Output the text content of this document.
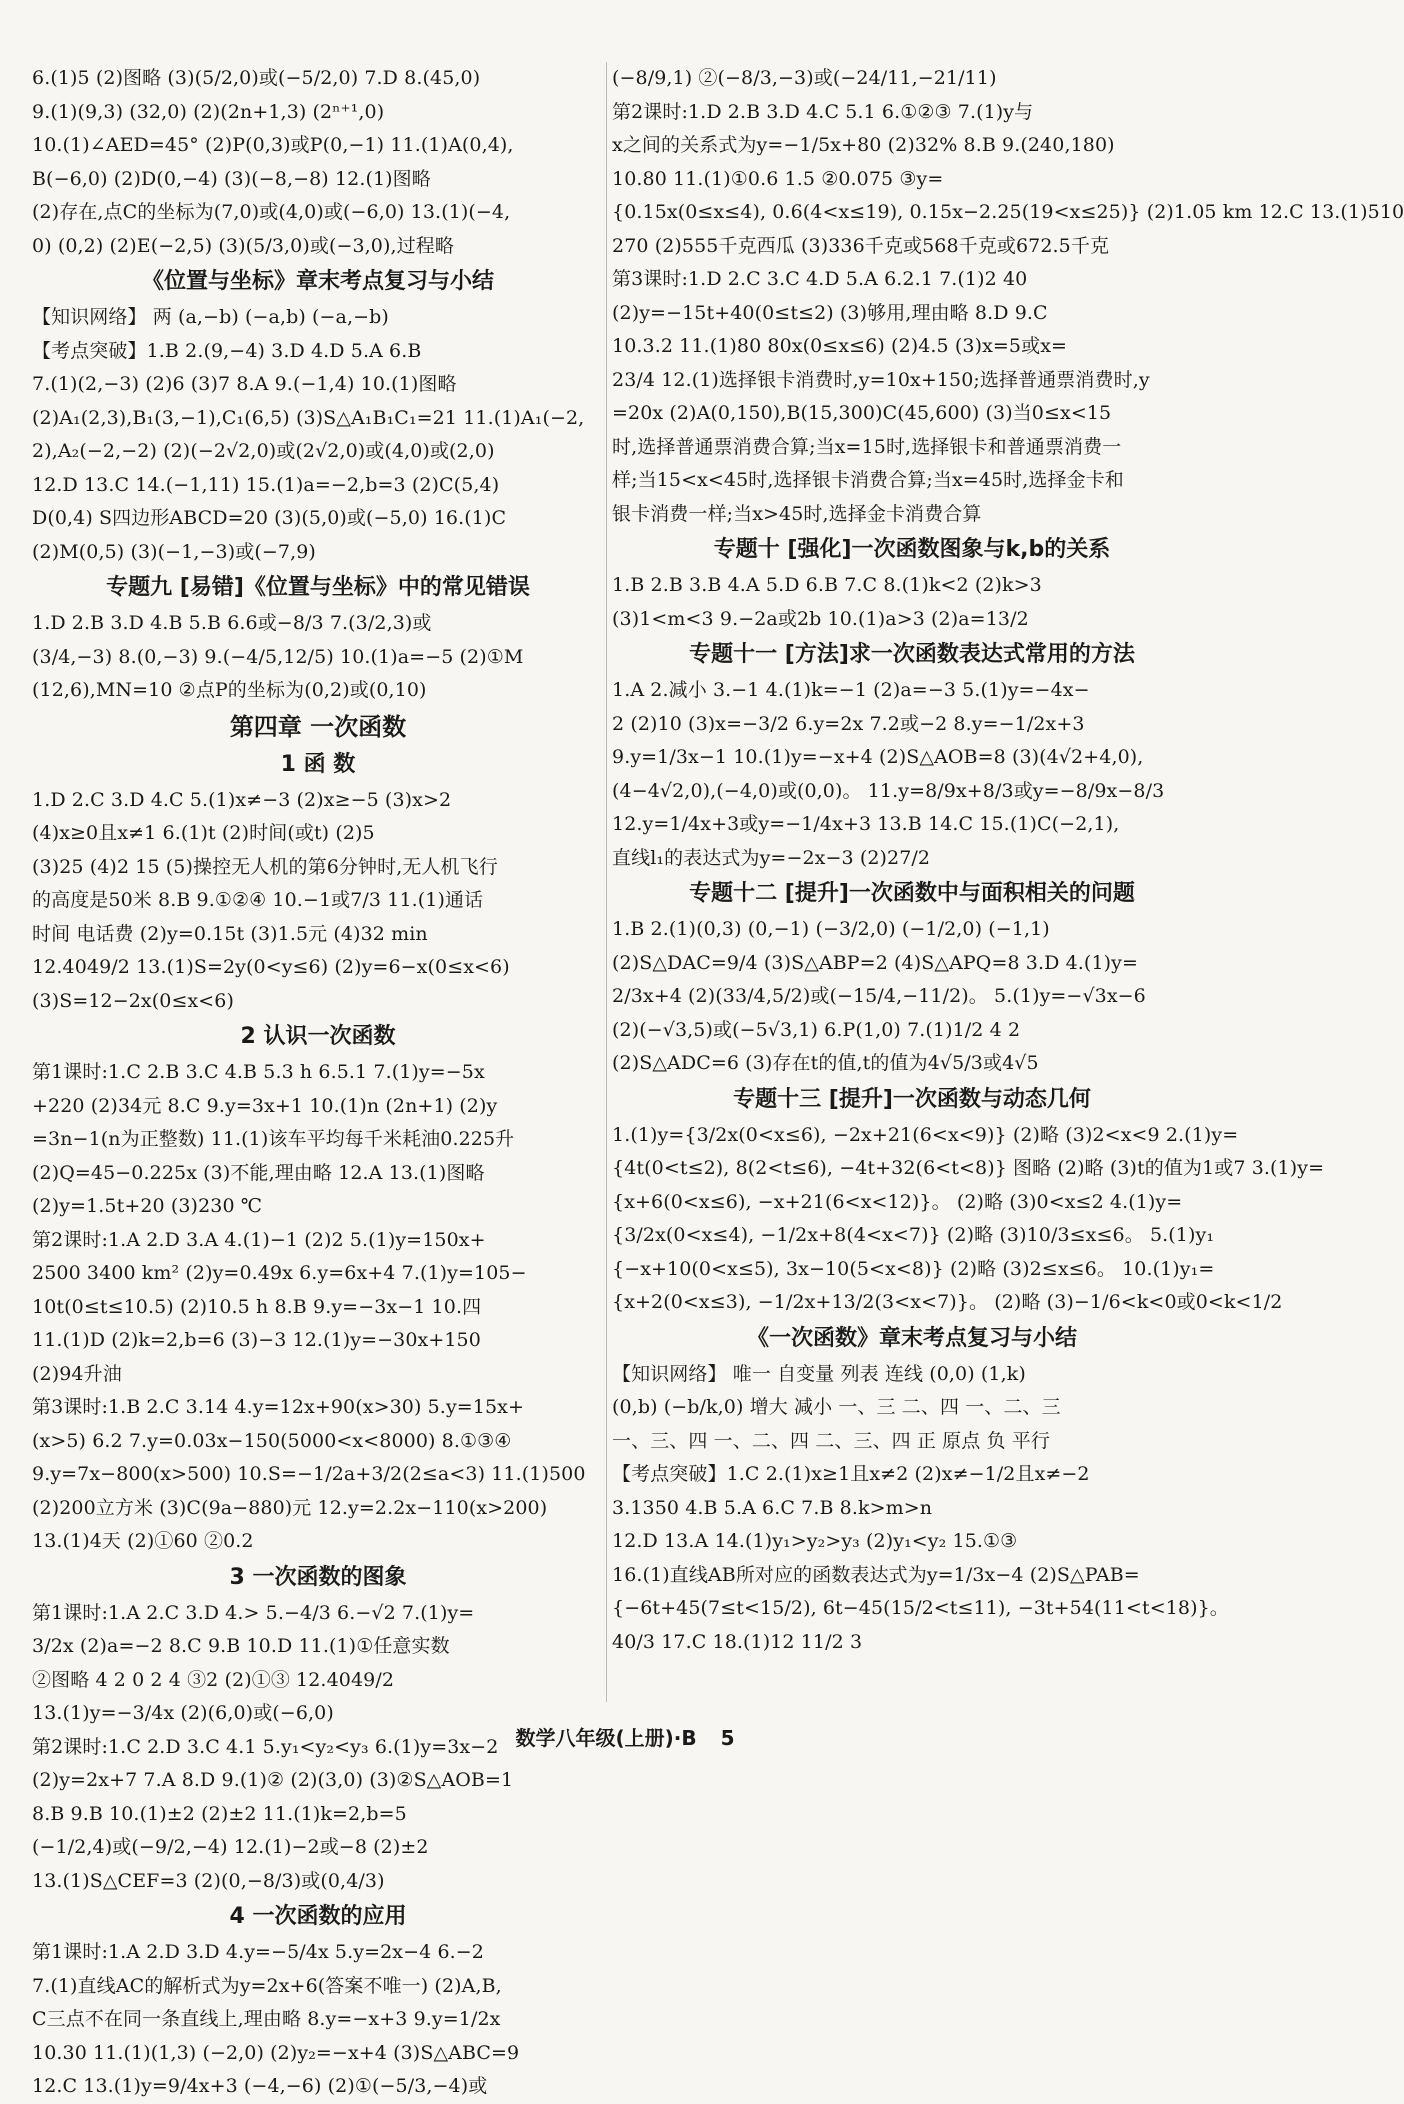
6.(1)5 (2)图略 (3)(5/2,0)或(−5/2,0) 7.D 8.(45,0)
9.(1)(9,3) (32,0) (2)(2n+1,3) (2ⁿ⁺¹,0)
10.(1)∠AED=45° (2)P(0,3)或P(0,−1) 11.(1)A(0,4),
B(−6,0) (2)D(0,−4) (3)(−8,−8) 12.(1)图略
(2)存在,点C的坐标为(7,0)或(4,0)或(−6,0) 13.(1)(−4,
0) (0,2) (2)E(−2,5) (3)(5/3,0)或(−3,0),过程略
《位置与坐标》章末考点复习与小结
【知识网络】 两 (a,−b) (−a,b) (−a,−b)
【考点突破】1.B 2.(9,−4) 3.D 4.D 5.A 6.B
7.(1)(2,−3) (2)6 (3)7 8.A 9.(−1,4) 10.(1)图略
(2)A₁(2,3),B₁(3,−1),C₁(6,5) (3)S△A₁B₁C₁=21 11.(1)A₁(−2,
2),A₂(−2,−2) (2)(−2√2,0)或(2√2,0)或(4,0)或(2,0)
12.D 13.C 14.(−1,11) 15.(1)a=−2,b=3 (2)C(5,4)
D(0,4) S四边形ABCD=20 (3)(5,0)或(−5,0) 16.(1)C
(2)M(0,5) (3)(−1,−3)或(−7,9)
专题九 [易错]《位置与坐标》中的常见错误
1.D 2.B 3.D 4.B 5.B 6.6或−8/3 7.(3/2,3)或
(3/4,−3) 8.(0,−3) 9.(−4/5,12/5) 10.(1)a=−5 (2)①M
(12,6),MN=10 ②点P的坐标为(0,2)或(0,10)
第四章 一次函数
1 函 数
1.D 2.C 3.D 4.C 5.(1)x≠−3 (2)x≥−5 (3)x>2
(4)x≥0且x≠1 6.(1)t (2)时间(或t) (2)5
(3)25 (4)2 15 (5)操控无人机的第6分钟时,无人机飞行
的高度是50米 8.B 9.①②④ 10.−1或7/3 11.(1)通话
时间 电话费 (2)y=0.15t (3)1.5元 (4)32 min
12.4049/2 13.(1)S=2y(0<y≤6) (2)y=6−x(0≤x<6)
(3)S=12−2x(0≤x<6)
2 认识一次函数
第1课时:1.C 2.B 3.C 4.B 5.3 h 6.5.1 7.(1)y=−5x
+220 (2)34元 8.C 9.y=3x+1 10.(1)n (2n+1) (2)y
=3n−1(n为正整数) 11.(1)该车平均每千米耗油0.225升
(2)Q=45−0.225x (3)不能,理由略 12.A 13.(1)图略
(2)y=1.5t+20 (3)230 ℃
第2课时:1.A 2.D 3.A 4.(1)−1 (2)2 5.(1)y=150x+
2500 3400 km² (2)y=0.49x 6.y=6x+4 7.(1)y=105−
10t(0≤t≤10.5) (2)10.5 h 8.B 9.y=−3x−1 10.四
11.(1)D (2)k=2,b=6 (3)−3 12.(1)y=−30x+150
(2)94升油
第3课时:1.B 2.C 3.14 4.y=12x+90(x>30) 5.y=15x+
(x>5) 6.2 7.y=0.03x−150(5000<x<8000) 8.①③④
9.y=7x−800(x>500) 10.S=−1/2a+3/2(2≤a<3) 11.(1)500
(2)200立方米 (3)C(9a−880)元 12.y=2.2x−110(x>200)
13.(1)4天 (2)①60 ②0.2
3 一次函数的图象
第1课时:1.A 2.C 3.D 4.> 5.−4/3 6.−√2 7.(1)y=
3/2x (2)a=−2 8.C 9.B 10.D 11.(1)①任意实数
②图略 4 2 0 2 4 ③2 (2)①③ 12.4049/2
13.(1)y=−3/4x (2)(6,0)或(−6,0)
第2课时:1.C 2.D 3.C 4.1 5.y₁<y₂<y₃ 6.(1)y=3x−2
(2)y=2x+7 7.A 8.D 9.(1)② (2)(3,0) (3)②S△AOB=1
8.B 9.B 10.(1)±2 (2)±2 11.(1)k=2,b=5
(−1/2,4)或(−9/2,−4) 12.(1)−2或−8 (2)±2
13.(1)S△CEF=3 (2)(0,−8/3)或(0,4/3)
4 一次函数的应用
第1课时:1.A 2.D 3.D 4.y=−5/4x 5.y=2x−4 6.−2
7.(1)直线AC的解析式为y=2x+6(答案不唯一) (2)A,B,
C三点不在同一条直线上,理由略 8.y=−x+3 9.y=1/2x
10.30 11.(1)(1,3) (−2,0) (2)y₂=−x+4 (3)S△ABC=9
12.C 13.(1)y=9/4x+3 (−4,−6) (2)①(−5/3,−4)或
(−8/9,1) ②(−8/3,−3)或(−24/11,−21/11)
第2课时:1.D 2.B 3.D 4.C 5.1 6.①②③ 7.(1)y与
x之间的关系式为y=−1/5x+80 (2)32% 8.B 9.(240,180)
10.80 11.(1)①0.6 1.5 ②0.075 ③y=
{0.15x(0≤x≤4), 0.6(4<x≤19), 0.15x−2.25(19<x≤25)} (2)1.05 km 12.C 13.(1)510
270 (2)555千克西瓜 (3)336千克或568千克或672.5千克
第3课时:1.D 2.C 3.C 4.D 5.A 6.2.1 7.(1)2 40
(2)y=−15t+40(0≤t≤2) (3)够用,理由略 8.D 9.C
10.3.2 11.(1)80 80x(0≤x≤6) (2)4.5 (3)x=5或x=
23/4 12.(1)选择银卡消费时,y=10x+150;选择普通票消费时,y
=20x (2)A(0,150),B(15,300)C(45,600) (3)当0≤x<15
时,选择普通票消费合算;当x=15时,选择银卡和普通票消费一
样;当15<x<45时,选择银卡消费合算;当x=45时,选择金卡和
银卡消费一样;当x>45时,选择金卡消费合算
专题十 [强化]一次函数图象与k,b的关系
1.B 2.B 3.B 4.A 5.D 6.B 7.C 8.(1)k<2 (2)k>3
(3)1<m<3 9.−2a或2b 10.(1)a>3 (2)a=13/2
专题十一 [方法]求一次函数表达式常用的方法
1.A 2.减小 3.−1 4.(1)k=−1 (2)a=−3 5.(1)y=−4x−
2 (2)10 (3)x=−3/2 6.y=2x 7.2或−2 8.y=−1/2x+3
9.y=1/3x−1 10.(1)y=−x+4 (2)S△AOB=8 (3)(4√2+4,0),
(4−4√2,0),(−4,0)或(0,0)。 11.y=8/9x+8/3或y=−8/9x−8/3
12.y=1/4x+3或y=−1/4x+3 13.B 14.C 15.(1)C(−2,1),
直线l₁的表达式为y=−2x−3 (2)27/2
专题十二 [提升]一次函数中与面积相关的问题
1.B 2.(1)(0,3) (0,−1) (−3/2,0) (−1/2,0) (−1,1)
(2)S△DAC=9/4 (3)S△ABP=2 (4)S△APQ=8 3.D 4.(1)y=
2/3x+4 (2)(33/4,5/2)或(−15/4,−11/2)。 5.(1)y=−√3x−6
(2)(−√3,5)或(−5√3,1) 6.P(1,0) 7.(1)1/2 4 2
(2)S△ADC=6 (3)存在t的值,t的值为4√5/3或4√5
专题十三 [提升]一次函数与动态几何
1.(1)y={3/2x(0<x≤6), −2x+21(6<x<9)} (2)略 (3)2<x<9 2.(1)y=
{4t(0<t≤2), 8(2<t≤6), −4t+32(6<t<8)} 图略 (2)略 (3)t的值为1或7 3.(1)y=
{x+6(0<x≤6), −x+21(6<x<12)}。 (2)略 (3)0<x≤2 4.(1)y=
{3/2x(0<x≤4), −1/2x+8(4<x<7)} (2)略 (3)10/3≤x≤6。 5.(1)y₁
{−x+10(0<x≤5), 3x−10(5<x<8)} (2)略 (3)2≤x≤6。 10.(1)y₁=
{x+2(0<x≤3), −1/2x+13/2(3<x<7)}。 (2)略 (3)−1/6<k<0或0<k<1/2
《一次函数》章末考点复习与小结
【知识网络】 唯一 自变量 列表 连线 (0,0) (1,k)
(0,b) (−b/k,0) 增大 减小 一、三 二、四 一、二、三
一、三、四 一、二、四 二、三、四 正 原点 负 平行
【考点突破】1.C 2.(1)x≥1且x≠2 (2)x≠−1/2且x≠−2
3.1350 4.B 5.A 6.C 7.B 8.k>m>n
12.D 13.A 14.(1)y₁>y₂>y₃ (2)y₁<y₂ 15.①③
16.(1)直线AB所对应的函数表达式为y=1/3x−4 (2)S△PAB=
{−6t+45(7≤t<15/2), 6t−45(15/2<t≤11), −3t+54(11<t<18)}。
40/3 17.C 18.(1)12 11/2 3
数学八年级(上册)·B 5
